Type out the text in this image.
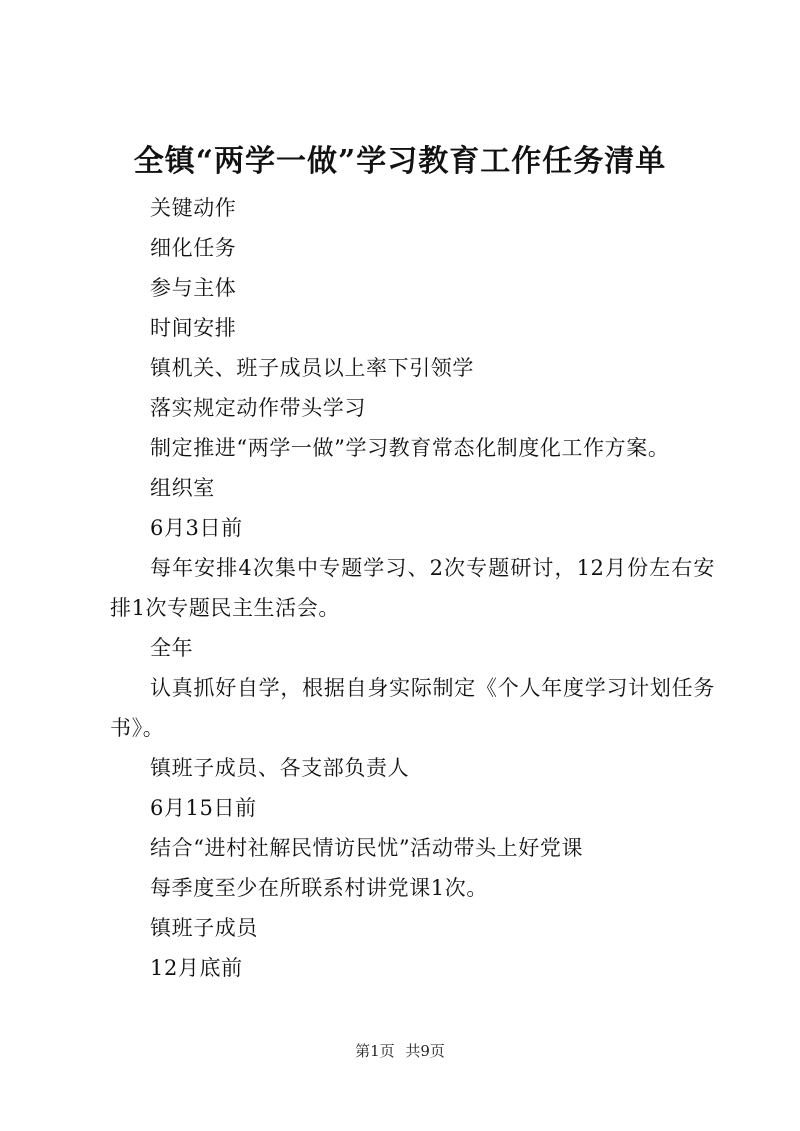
全镇“两学一做”学习教育工作任务清单

关键动作

细化任务

参与主体

时间安排

镇机关、班子成员以上率下引领学

落实规定动作带头学习

制定推进“两学一做”学习教育常态化制度化工作方案。

组织室

6月3日前

每年安排4次集中专题学习、2次专题研讨，12月份左右安排1次专题民主生活会。

全年

认真抓好自学，根据自身实际制定《个人年度学习计划任务书》。

镇班子成员、各支部负责人

6月15日前

结合“进村社解民情访民忧”活动带头上好党课

每季度至少在所联系村讲党课1次。

镇班子成员

12月底前

第1页 共9页
